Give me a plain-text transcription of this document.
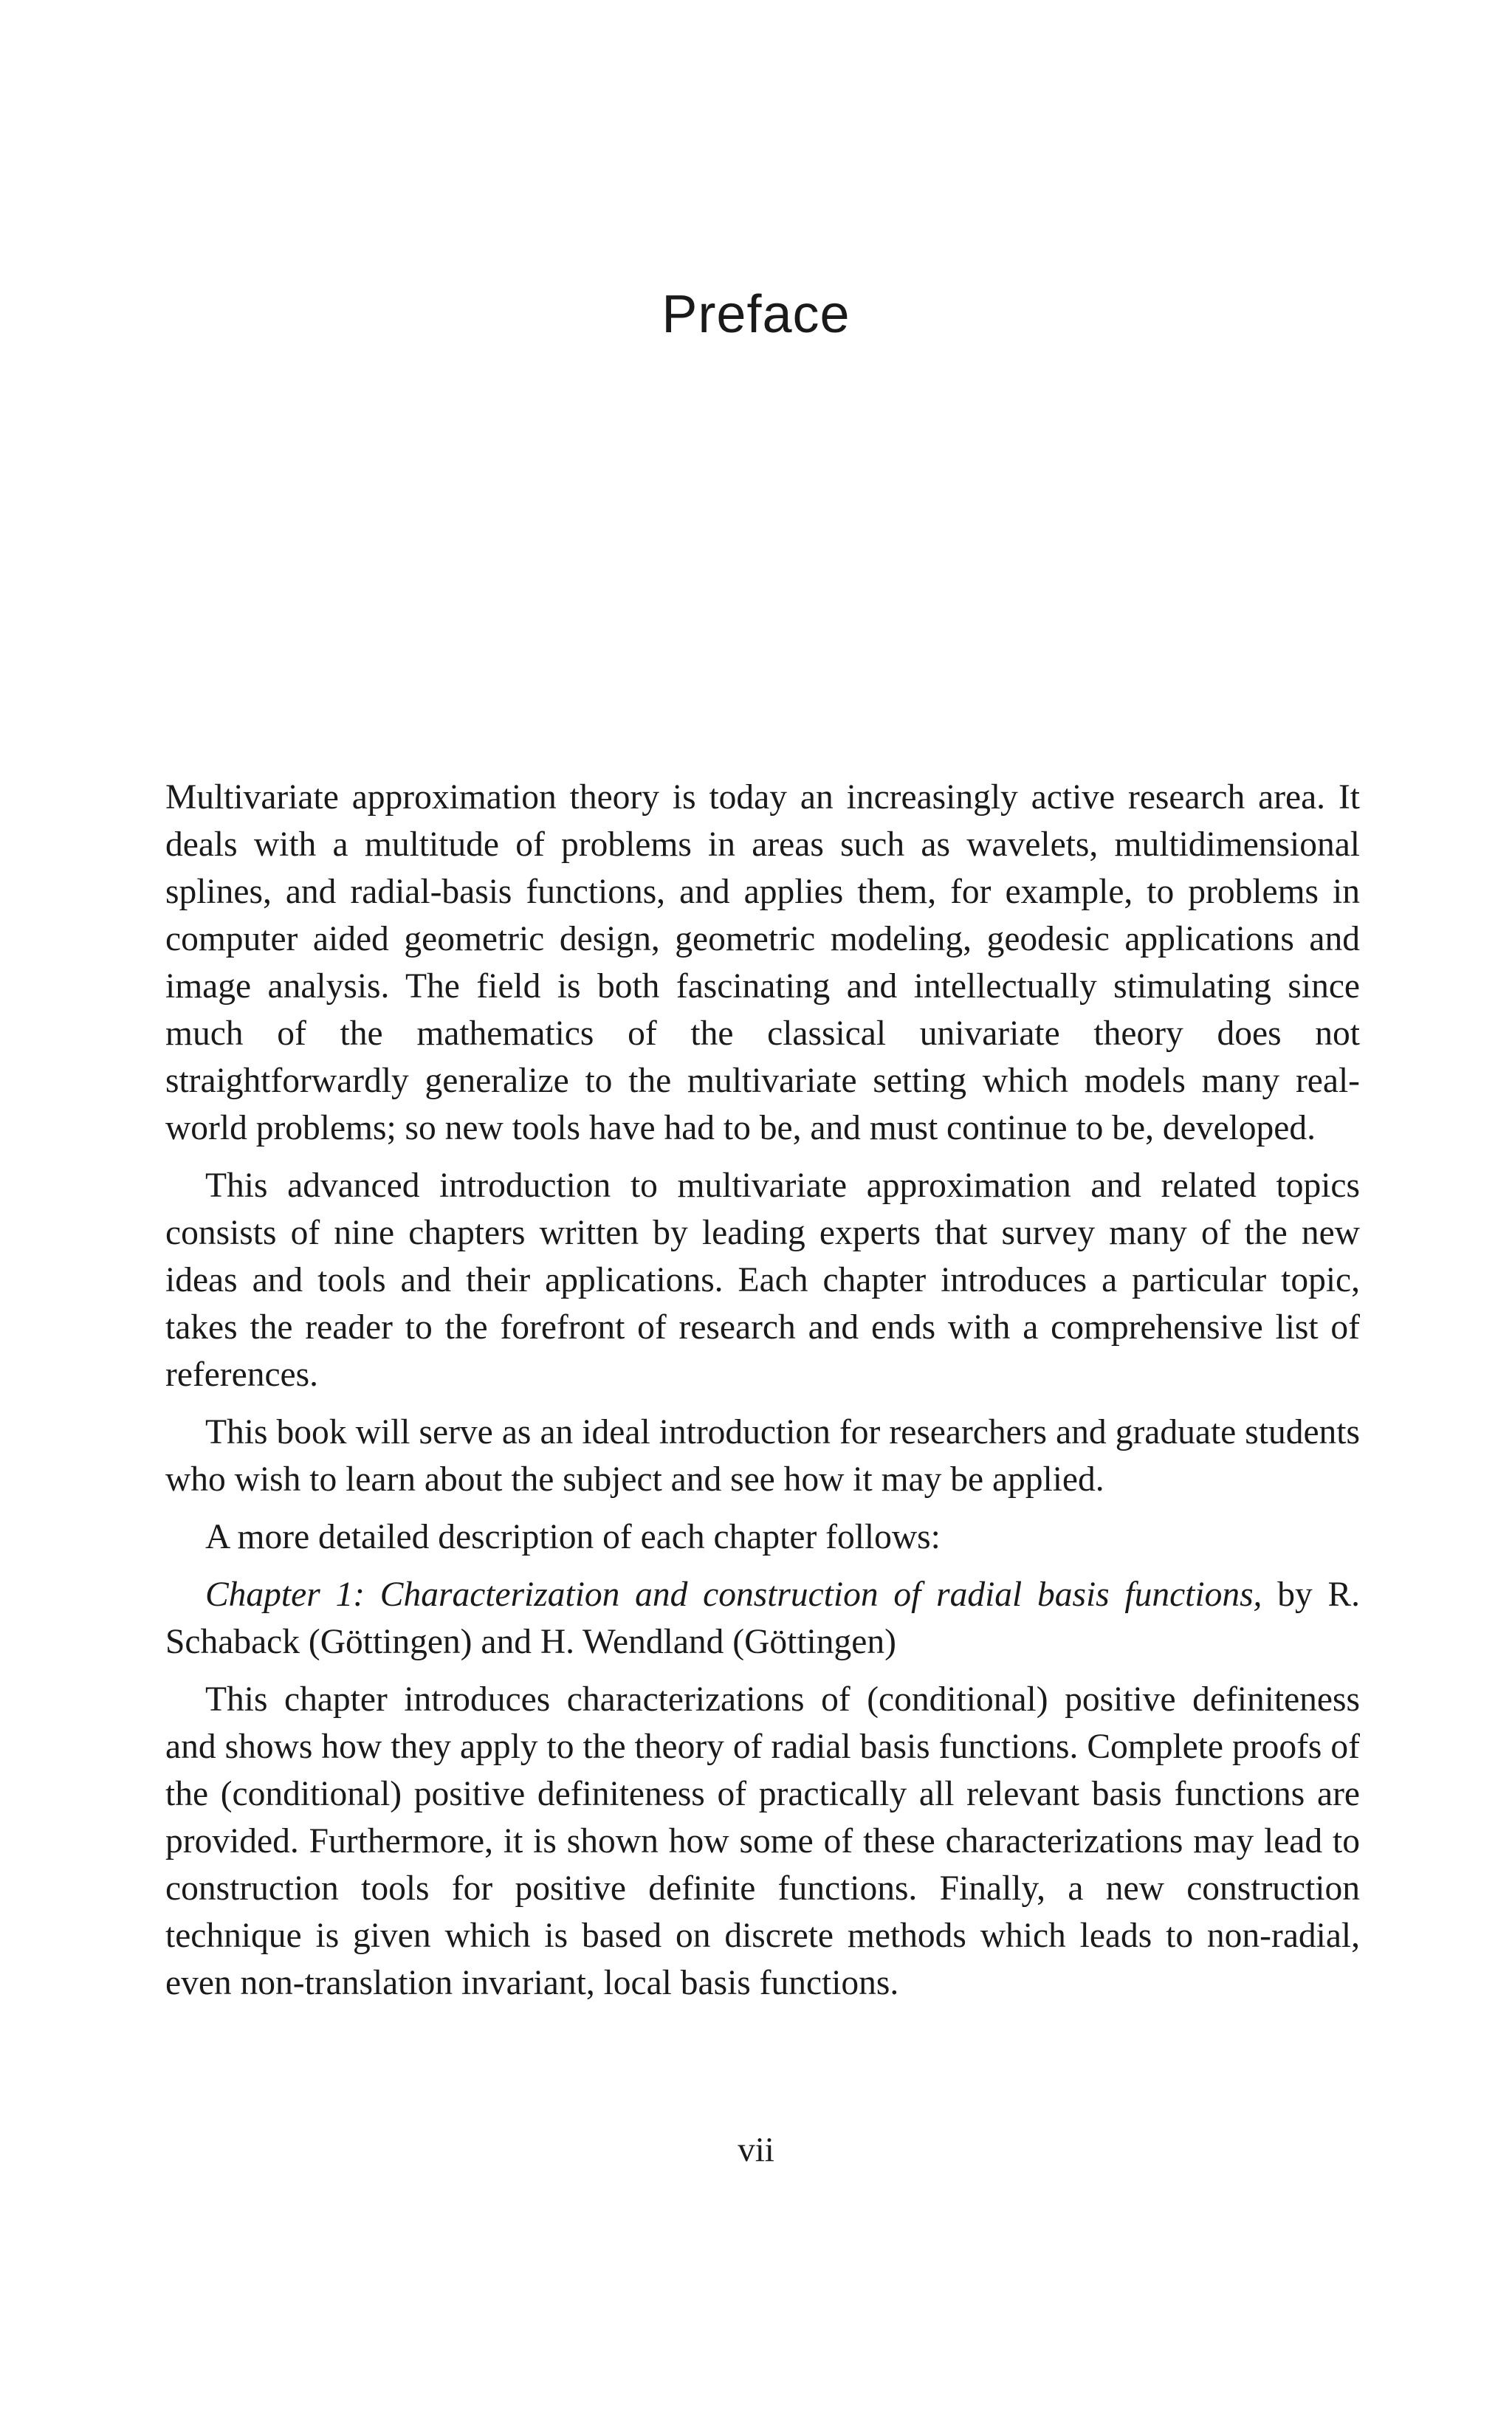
Preface

Multivariate approximation theory is today an increasingly active research area. It deals with a multitude of problems in areas such as wavelets, multidimensional splines, and radial-basis functions, and applies them, for example, to problems in computer aided geometric design, geometric modeling, geodesic applications and image analysis. The field is both fascinating and intellectually stimulating since much of the mathematics of the classical univariate theory does not straightforwardly generalize to the multivariate setting which models many real-world problems; so new tools have had to be, and must continue to be, developed.

This advanced introduction to multivariate approximation and related topics consists of nine chapters written by leading experts that survey many of the new ideas and tools and their applications. Each chapter introduces a particular topic, takes the reader to the forefront of research and ends with a comprehensive list of references.

This book will serve as an ideal introduction for researchers and graduate students who wish to learn about the subject and see how it may be applied.

A more detailed description of each chapter follows:

Chapter 1: Characterization and construction of radial basis functions, by R. Schaback (Göttingen) and H. Wendland (Göttingen)

This chapter introduces characterizations of (conditional) positive definiteness and shows how they apply to the theory of radial basis functions. Complete proofs of the (conditional) positive definiteness of practically all relevant basis functions are provided. Furthermore, it is shown how some of these characterizations may lead to construction tools for positive definite functions. Finally, a new construction technique is given which is based on discrete methods which leads to non-radial, even non-translation invariant, local basis functions.

vii
